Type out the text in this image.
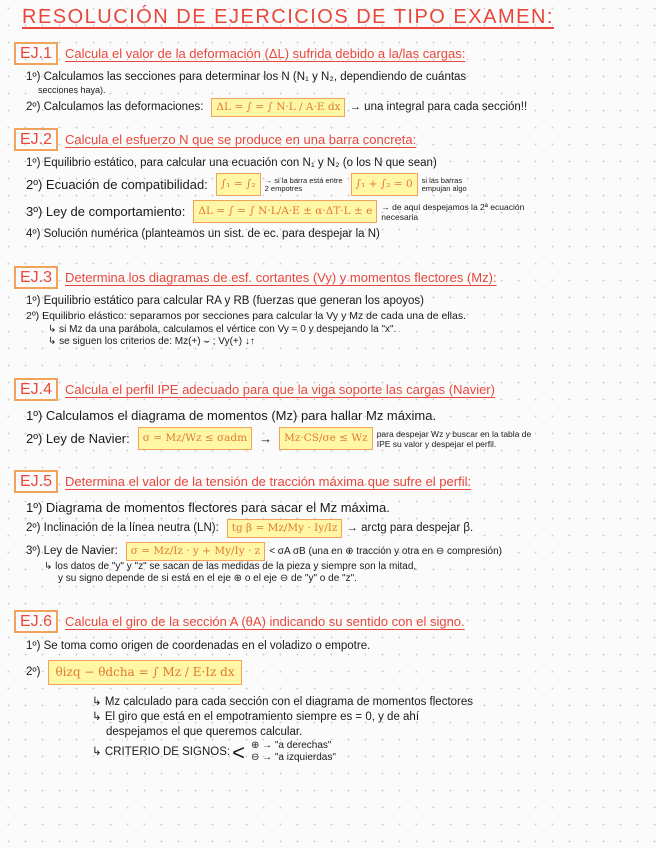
RESOLUCIÓN DE EJERCICIOS DE TIPO EXAMEN:
EJ.1	Calcula el valor de la deformación (ΔL) sufrida debido a la/las cargas:
1º) Calculamos las secciones para determinar los N (N₁ y N₂, dependiendo de cuántas
secciones haya).
2º) Calculamos las deformaciones:	ΔL = ∫ = ∫ N·L / A·E dx → una integral para cada sección!!
EJ.2	Calcula el esfuerzo N que se produce en una barra concreta:
1º) Equilibrio estático, para calcular una ecuación con N₁ y N₂ (o los N que sean)
2º) Ecuación de compatibilidad:	∫₁ = ∫₂	→ si la barra está entre 2 empotres	∫₁ + ∫₂ = 0	si las barras empujan algo
3º) Ley de comportamiento:	ΔL = ∫ = ∫ N·L/A·E ± α·ΔT·L ± e	→ de aquí despejamos la 2ª ecuación necesaria
4º) Solución numérica (planteamos un sist. de ec. para despejar la N)
EJ.3	Determina los diagramas de esf. cortantes (Vy) y momentos flectores (Mz):
1º) Equilibrio estático para calcular RA y RB (fuerzas que generan los apoyos)
2º) Equilibrio elástico: separamos por secciones para calcular la Vy y Mz de cada una de ellas.
↳ si Mz da una parábola, calculamos el vértice con Vy = 0 y despejando la "x".
↳ se siguen los criterios de: Mz(+) ⌣ ; Vy(+) ↓↑
EJ.4	Calcula el perfil IPE adecuado para que la viga soporte las cargas (Navier)
1º) Calculamos el diagrama de momentos (Mz) para hallar Mz máxima.
2º) Ley de Navier:	σ = Mz/Wz ≤ σadm →	Mz·CS/σe ≤ Wz	para despejar Wz y buscar en la tabla de IPE su valor y despejar el perfil.
EJ.5	Determina el valor de la tensión de tracción máxima que sufre el perfil:
1º) Diagrama de momentos flectores para sacar el Mz máxima.
2º) Inclinación de la línea neutra (LN):	tg β = Mz/My · Iy/Iz → arctg para despejar β.
3º) Ley de Navier:	σ = Mz/Iz · y + My/Iy · z < σA σB (una en ⊕ tracción y otra en ⊖ compresión)
↳ los datos de "y" y "z" se sacan de las medidas de la pieza y siempre son la mitad,
y su signo depende de si está en el eje ⊕ o el eje ⊖ de "y" o de "z".
EJ.6	Calcula el giro de la sección A (θA) indicando su sentido con el signo.
1º) Se toma como origen de coordenadas en el voladizo o empotre.
2º)	θizq − θdcha = ∫ Mz / E·Iz dx
↳ Mz calculado para cada sección con el diagrama de momentos flectores
↳ El giro que está en el empotramiento siempre es = 0, y de ahí
despejamos el que queremos calcular.
↳ CRITERIO DE SIGNOS: < ⊕ → "a derechas"
⊖ → "a izquierdas"
